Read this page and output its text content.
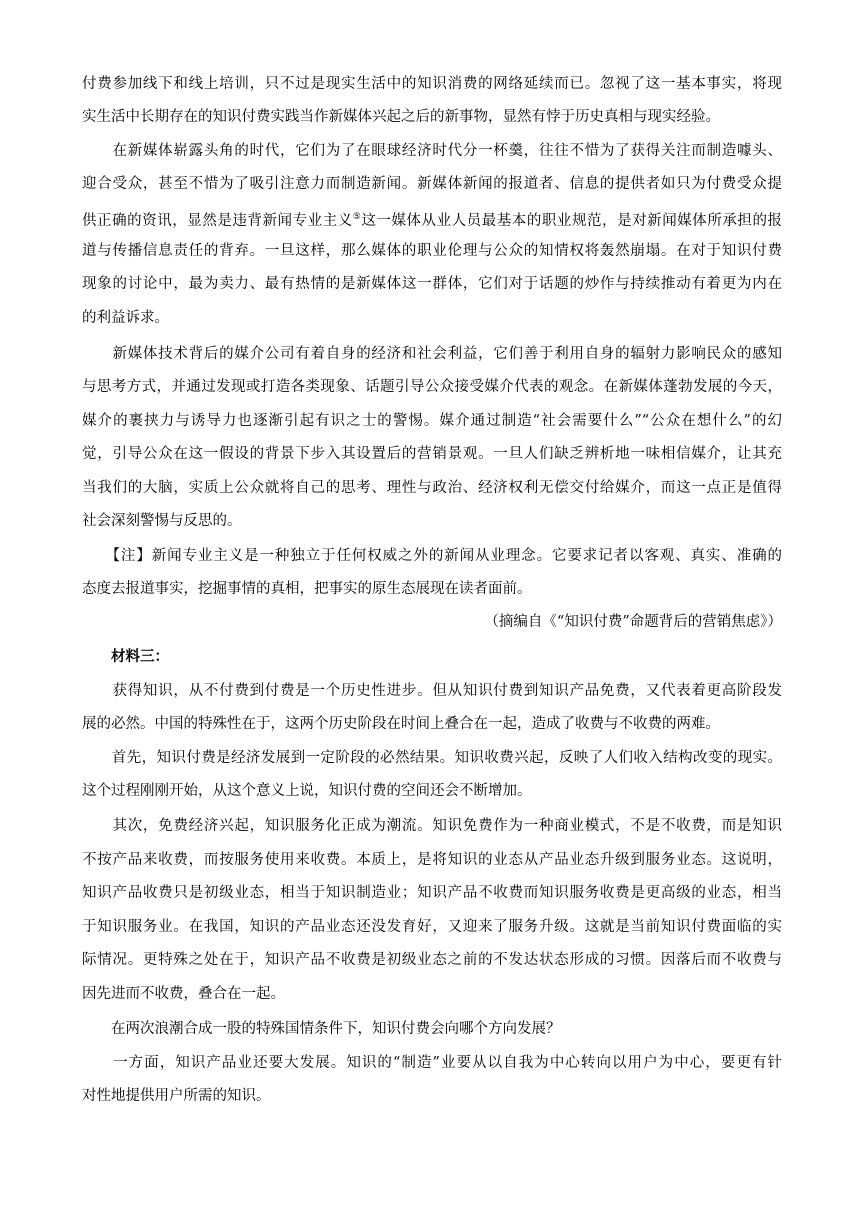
付费参加线下和线上培训，只不过是现实生活中的知识消费的网络延续而已。忽视了这一基本事实，将现
实生活中长期存在的知识付费实践当作新媒体兴起之后的新事物，显然有悖于历史真相与现实经验。
　　在新媒体崭露头角的时代，它们为了在眼球经济时代分一杯羹，往往不惜为了获得关注而制造噱头、
迎合受众，甚至不惜为了吸引注意力而制造新闻。新媒体新闻的报道者、信息的提供者如只为付费受众提
供正确的资讯，显然是违背新闻专业主义⑤这一媒体从业人员最基本的职业规范，是对新闻媒体所承担的报
道与传播信息责任的背弃。一旦这样，那么媒体的职业伦理与公众的知情权将轰然崩塌。在对于知识付费
现象的讨论中，最为卖力、最有热情的是新媒体这一群体，它们对于话题的炒作与持续推动有着更为内在
的利益诉求。
　　新媒体技术背后的媒介公司有着自身的经济和社会利益，它们善于利用自身的辐射力影响民众的感知
与思考方式，并通过发现或打造各类现象、话题引导公众接受媒介代表的观念。在新媒体蓬勃发展的今天，
媒介的裹挟力与诱导力也逐渐引起有识之士的警惕。媒介通过制造“社会需要什么”“公众在想什么”的幻
觉，引导公众在这一假设的背景下步入其设置后的营销景观。一旦人们缺乏辨析地一味相信媒介，让其充
当我们的大脑，实质上公众就将自己的思考、理性与政治、经济权利无偿交付给媒介，而这一点正是值得
社会深刻警惕与反思的。
　　【注】新闻专业主义是一种独立于任何权威之外的新闻从业理念。它要求记者以客观、真实、准确的
态度去报道事实，挖掘事情的真相，把事实的原生态展现在读者面前。
（摘编自《“知识付费”命题背后的营销焦虑》）
　　材料三：
　　获得知识，从不付费到付费是一个历史性进步。但从知识付费到知识产品免费，又代表着更高阶段发
展的必然。中国的特殊性在于，这两个历史阶段在时间上叠合在一起，造成了收费与不收费的两难。
　　首先，知识付费是经济发展到一定阶段的必然结果。知识收费兴起，反映了人们收入结构改变的现实。
这个过程刚刚开始，从这个意义上说，知识付费的空间还会不断增加。
　　其次，免费经济兴起，知识服务化正成为潮流。知识免费作为一种商业模式，不是不收费，而是知识
不按产品来收费，而按服务使用来收费。本质上，是将知识的业态从产品业态升级到服务业态。这说明，
知识产品收费只是初级业态，相当于知识制造业；知识产品不收费而知识服务收费是更高级的业态，相当
于知识服务业。在我国，知识的产品业态还没发育好，又迎来了服务升级。这就是当前知识付费面临的实
际情况。更特殊之处在于，知识产品不收费是初级业态之前的不发达状态形成的习惯。因落后而不收费与
因先进而不收费，叠合在一起。
　　在两次浪潮合成一股的特殊国情条件下，知识付费会向哪个方向发展？
　　一方面，知识产品业还要大发展。知识的“制造”业要从以自我为中心转向以用户为中心，要更有针
对性地提供用户所需的知识。
